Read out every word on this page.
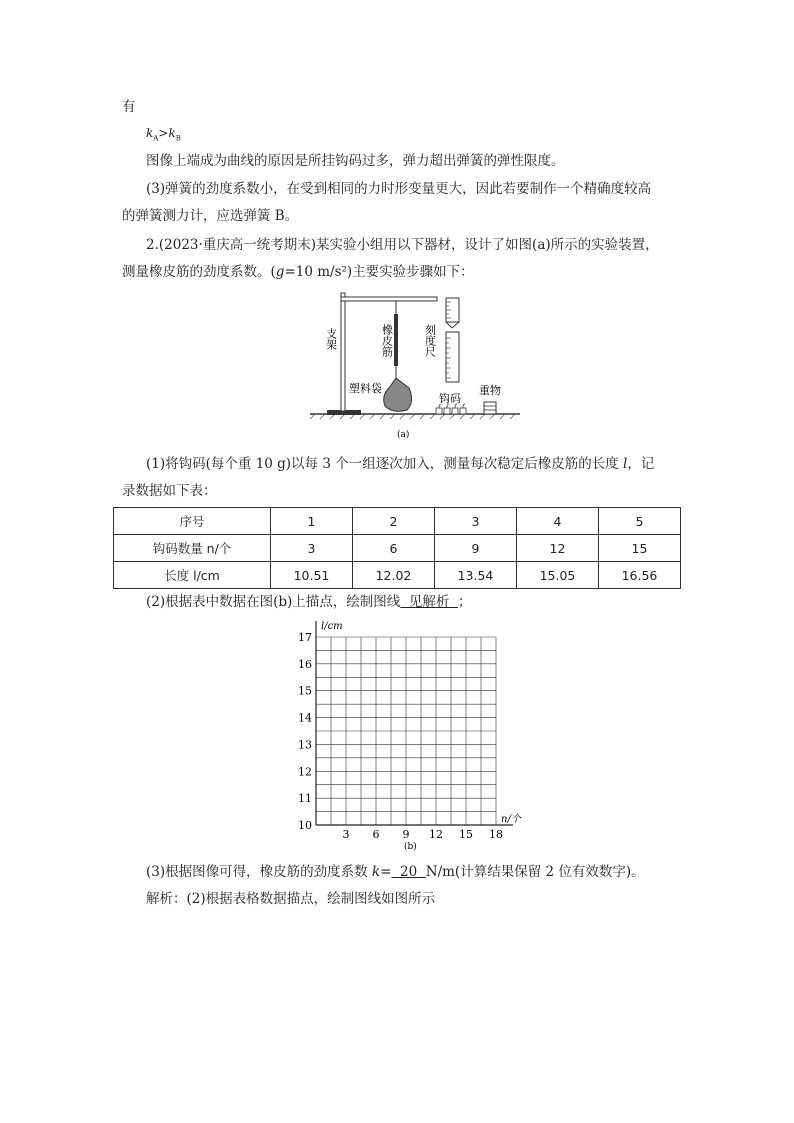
有
$k_A>k_B$
图像上端成为曲线的原因是所挂钩码过多，弹力超出弹簧的弹性限度。
(3)弹簧的劲度系数小，在受到相同的力时形变量更大，因此若要制作一个精确度较高
的弹簧测力计，应选弹簧 B。
2.(2023·重庆高一统考期末)某实验小组用以下器材，设计了如图(a)所示的实验装置，
测量橡皮筋的劲度系数。(g=10 m/s²)主要实验步骤如下：
支架	橡皮筋	刻度尺
塑料袋
钩码
重物
(a)
(1)将钩码(每个重 10 g)以每 3 个一组逐次加入，测量每次稳定后橡皮筋的长度 l，记
录数据如下表：
序号	1	2	3	4	5
钩码数量 n/个	3	6	9	12	15
长度 l/cm	10.51	12.02	13.54	15.05	16.56
(2)根据表中数据在图(b)上描点，绘制图线  见解析  ；
l/cm
n/个
(b)
3 6 9 12 15 18
10
11
12
13
14
15
16
17
(3)根据图像可得，橡皮筋的劲度系数 k=  20  N/m(计算结果保留 2 位有效数字)。
解析：(2)根据表格数据描点，绘制图线如图所示
